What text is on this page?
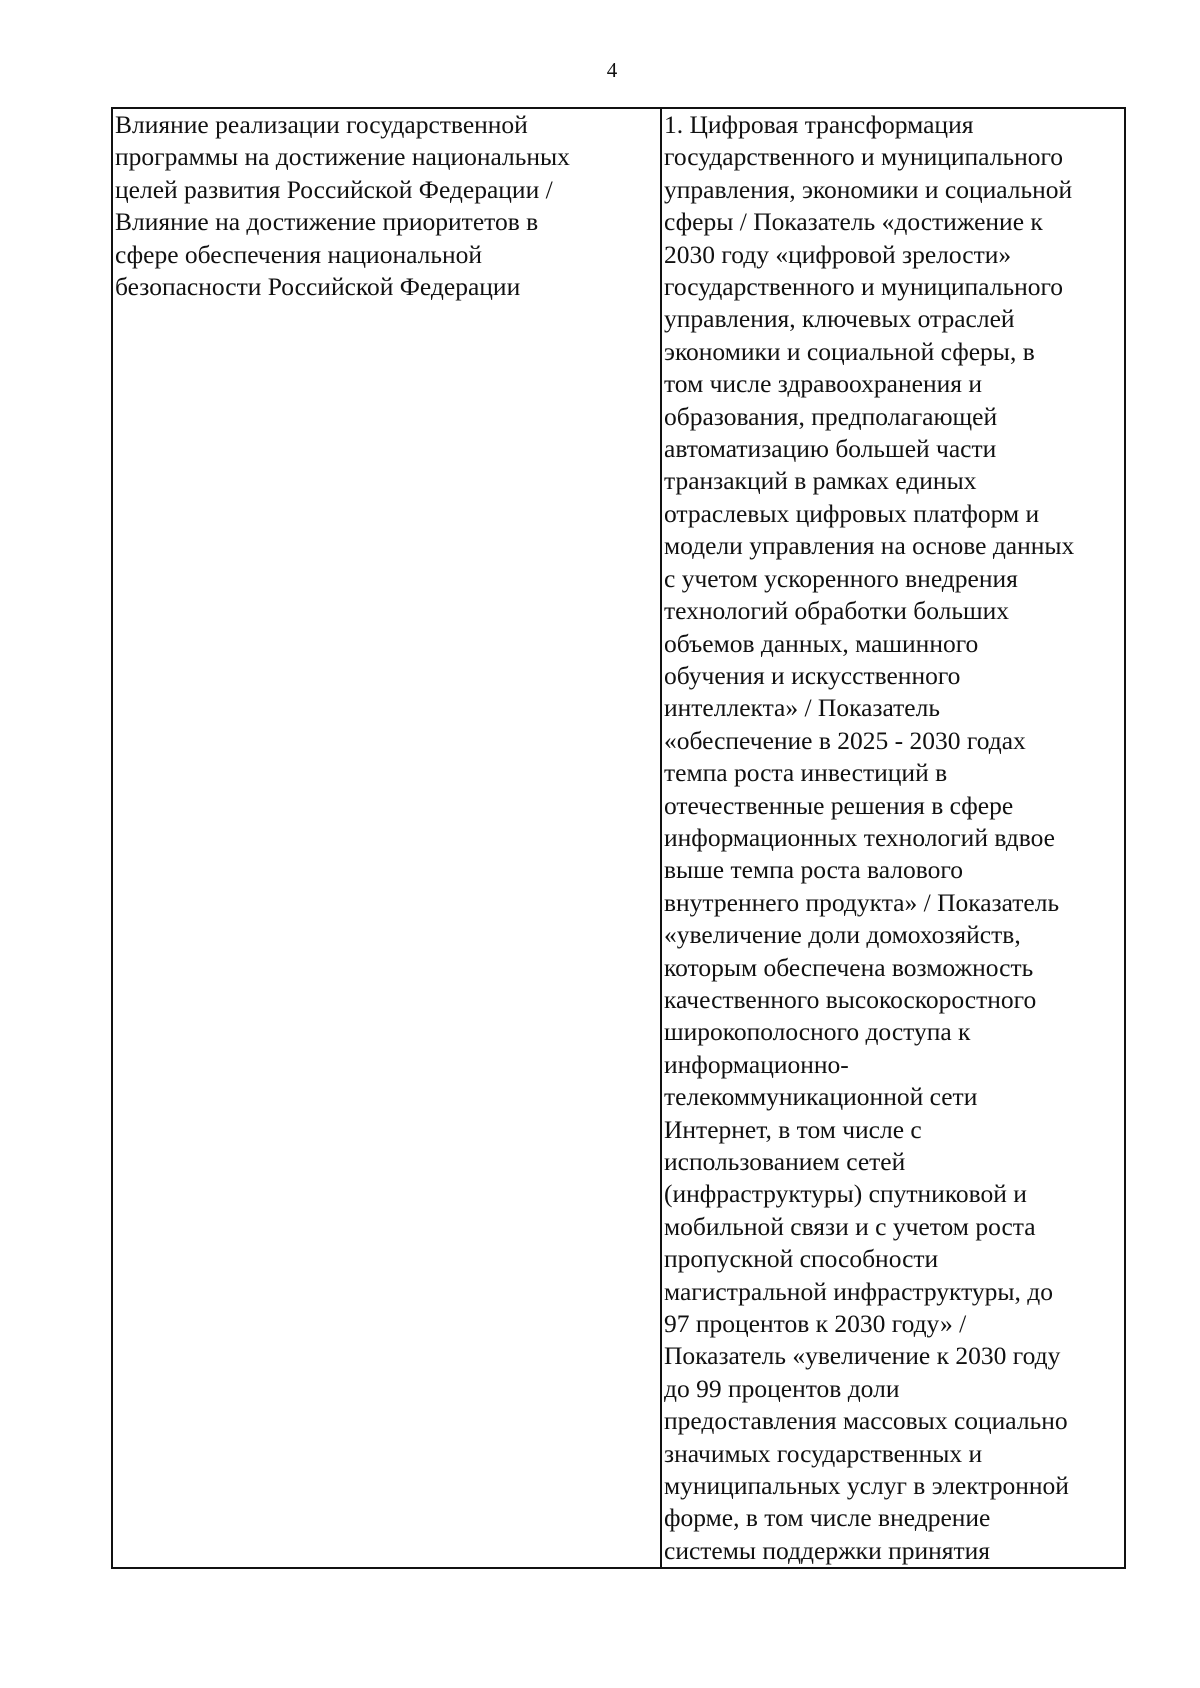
4
Влияние реализации государственной
программы на достижение национальных
целей развития Российской Федерации /
Влияние на достижение приоритетов в
сфере обеспечения национальной
безопасности Российской Федерации
1. Цифровая трансформация
государственного и муниципального
управления, экономики и социальной
сферы / Показатель «достижение к
2030 году «цифровой зрелости»
государственного и муниципального
управления, ключевых отраслей
экономики и социальной сферы, в
том числе здравоохранения и
образования, предполагающей
автоматизацию большей части
транзакций в рамках единых
отраслевых цифровых платформ и
модели управления на основе данных
с учетом ускоренного внедрения
технологий обработки больших
объемов данных, машинного
обучения и искусственного
интеллекта» / Показатель
«обеспечение в 2025 - 2030 годах
темпа роста инвестиций в
отечественные решения в сфере
информационных технологий вдвое
выше темпа роста валового
внутреннего продукта» / Показатель
«увеличение доли домохозяйств,
которым обеспечена возможность
качественного высокоскоростного
широкополосного доступа к
информационно-
телекоммуникационной сети
Интернет, в том числе с
использованием сетей
(инфраструктуры) спутниковой и
мобильной связи и с учетом роста
пропускной способности
магистральной инфраструктуры, до
97 процентов к 2030 году» /
Показатель «увеличение к 2030 году
до 99 процентов доли
предоставления массовых социально
значимых государственных и
муниципальных услуг в электронной
форме, в том числе внедрение
системы поддержки принятия
